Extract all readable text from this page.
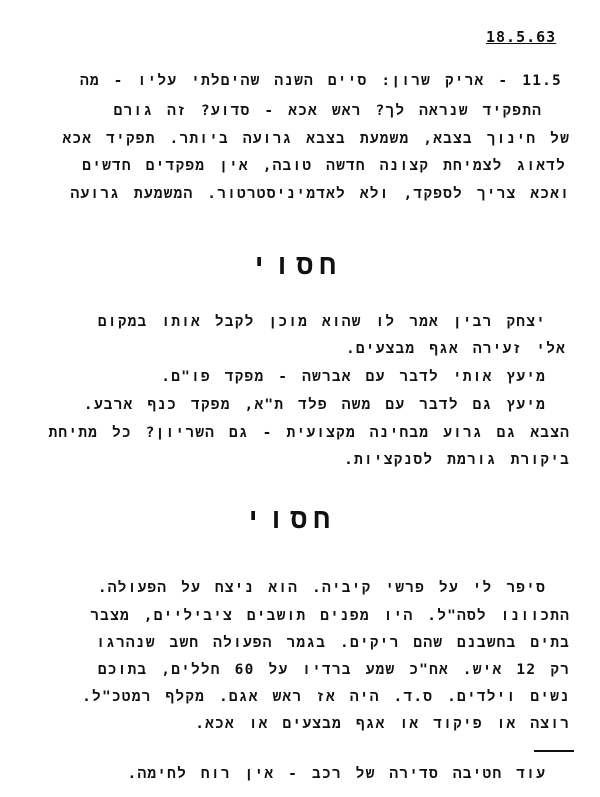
18.5.63
11.5 - אריק שרון: סיים השנה שהיםלתי עליו - מה
התפקיד שנראה לך? ראש אכא - סדוע? זה גורם
של חינוך בצבא, משמעת בצבא גרועה ביותר. תפקיד אכא
לדאוג לצמיחת קצונה חדשה טובה, אין מפקדים חדשים
ואכא צריך לספקד, ולא לאדמיניסטרטור. המשמעת גרועה
חסוי
יצחק רבין אמר לו שהוא מוכן לקבל אותו במקום
אלי זעירה אגף מבצעים.
מיעץ אותי לדבר עם אברשה - מפקד פו"ם.
מיעץ גם לדבר עם משה פלד ת"א, מפקד כנף ארבע.
הצבא גם גרוע מבחינה מקצועית - גם השריון? כל מתיחת
ביקורת גורמת לסנקציות.
חסוי
סיפר לי על פרשי קיביה. הוא ניצח על הפעולה.
התכוונו לסה"ל. היו מפנים תושבים ציביליים, מצבר
בתים בחשבנם שהם ריקים. בגמר הפעולה חשב שנהרגו
רק 12 איש. אח"כ שמע ברדיו על 60 חללים, בתוכם
נשים וילדים. ס.ד. היה אז ראש אגם. מקלף רמטכ"ל.
רוצה או פיקוד או אגף מבצעים או אכא.
עוד חטיבה סדירה של רכב - אין רוח לחימה.
